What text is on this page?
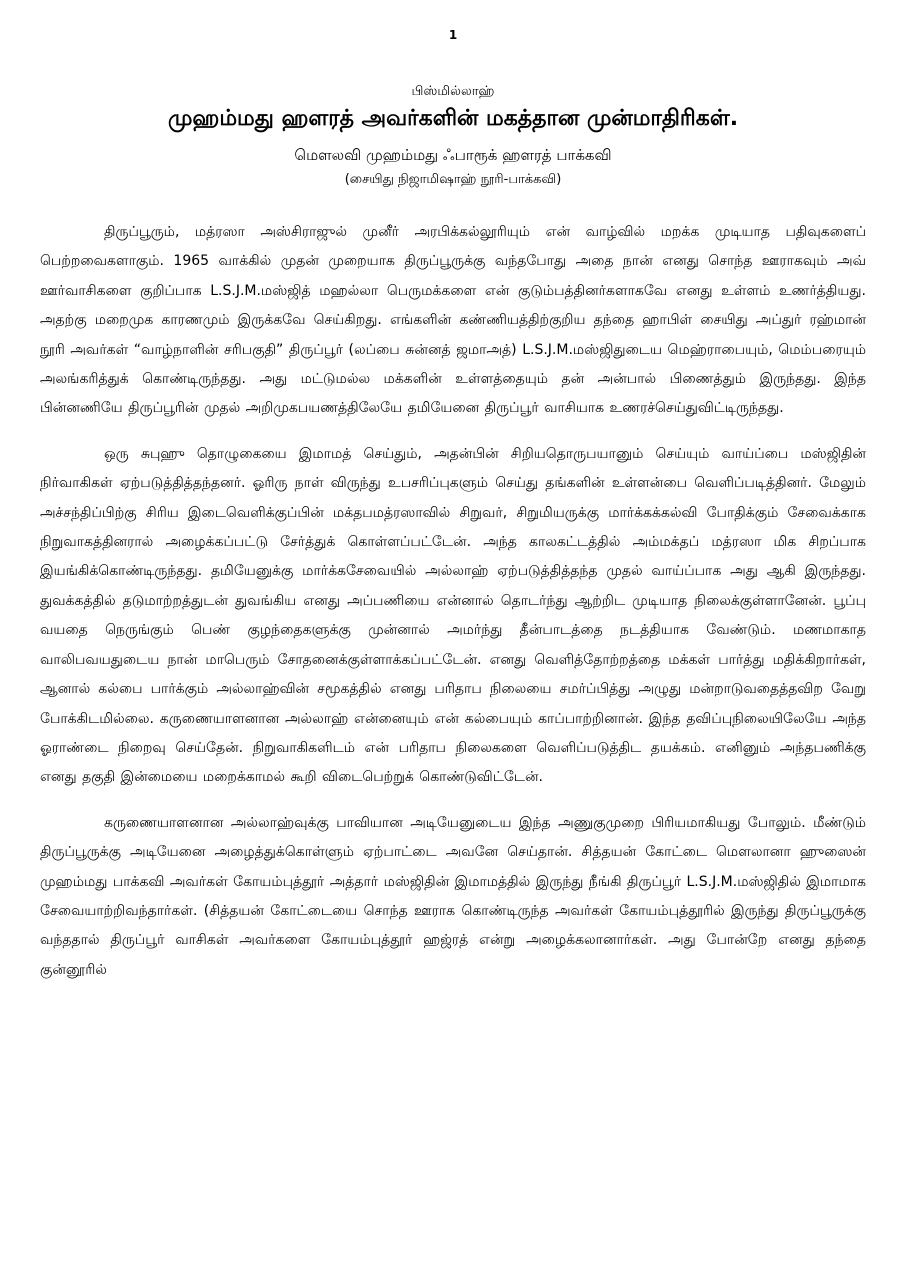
1
பிஸ்மில்லாஹ்
முஹம்மது ஹளரத் அவர்களின் மகத்தான முன்மாதிரிகள்.
மௌலவி முஹம்மது ஃபாரூக் ஹளரத் பாக்கவி
(சையிது நிஜாமிஷாஹ் நூரி-பாக்கவி)

திருப்பூரும், மத்ரஸா அஸ்சிராஜுல் முனீர் அரபிக்கல்லூரியும் என் வாழ்வில் மறக்க முடியாத பதிவுகளைப் பெற்றவைகளாகும். 1965 வாக்கில் முதன் முறையாக திருப்பூருக்கு வந்தபோது அதை நான் எனது சொந்த ஊராகவும் அவ் ஊர்வாசிகளை குறிப்பாக L.S.J.M.மஸ்ஜித் மஹல்லா பெருமக்களை என் குடும்பத்தினர்களாகவே எனது உள்ளம் உணர்த்தியது. அதற்கு மறைமுக காரணமும் இருக்கவே செய்கிறது. எங்களின் கண்ணியத்திற்குறிய தந்தை ஹாபிள் சையிது அப்துர் ரஹ்மான் நூரி அவர்கள் “வாழ்நாளின் சரிபகுதி” திருப்பூர் (லப்பை சுன்னத் ஜமாஅத்) L.S.J.M.மஸ்ஜிதுடைய மெஹ்ராபையும், மெம்பரையும் அலங்கரித்துக் கொண்டிருந்தது. அது மட்டுமல்ல மக்களின் உள்ளத்தையும் தன் அன்பால் பிணைத்தும் இருந்தது. இந்த பின்னணியே திருப்பூரின் முதல் அறிமுகபயணத்திலேயே தமியேனை திருப்பூர் வாசியாக உணரச்செய்துவிட்டிருந்தது.

ஒரு சுபுஹு தொழுகையை இமாமத் செய்தும், அதன்பின் சிறியதொருபயானும் செய்யும் வாய்ப்பை மஸ்ஜிதின் நிர்வாகிகள் ஏற்படுத்தித்தந்தனர். ஓரிரு நாள் விருந்து உபசரிப்புகளும் செய்து தங்களின் உள்ளன்பை வெளிப்படித்தினர். மேலும் அச்சந்திப்பிற்கு சிரிய இடைவெளிக்குப்பின் மக்தபமத்ரஸாவில் சிறுவர், சிறுமியருக்கு மார்க்கக்கல்வி போதிக்கும் சேவைக்காக நிறுவாகத்தினரால் அழைக்கப்பட்டு சேர்த்துக் கொள்ளப்பட்டேன். அந்த காலகட்டத்தில் அம்மக்தப் மத்ரஸா மிக சிறப்பாக இயங்கிக்கொண்டிருந்தது. தமியேனுக்கு மார்க்கசேவையில் அல்லாஹ் ஏற்படுத்தித்தந்த முதல் வாய்ப்பாக அது ஆகி இருந்தது. துவக்கத்தில் தடுமாற்றத்துடன் துவங்கிய எனது அப்பணியை என்னால் தொடர்ந்து ஆற்றிட முடியாத நிலைக்குள்ளானேன். பூப்பு வயதை நெருங்கும் பெண் குழந்தைகளுக்கு முன்னால் அமர்ந்து தீன்பாடத்தை நடத்தியாக வேண்டும். மணமாகாத வாலிபவயதுடைய நான் மாபெரும் சோதனைக்குள்ளாக்கப்பட்டேன். எனது வெளித்தோற்றத்தை மக்கள் பார்த்து மதிக்கிறார்கள், ஆனால் கல்பை பார்க்கும் அல்லாஹ்வின் சமூகத்தில் எனது பரிதாப நிலையை சமர்ப்பித்து அழுது மன்றாடுவதைத்தவிற வேறு போக்கிடமில்லை. கருணையாளனான அல்லாஹ் என்னையும் என் கல்பையும் காப்பாற்றினான். இந்த தவிப்புநிலையிலேயே அந்த ஓராண்டை நிறைவு செய்தேன். நிறுவாகிகளிடம் என் பரிதாப நிலைகளை வெளிப்படுத்திட தயக்கம். எனினும் அந்தபணிக்கு எனது தகுதி இன்மையை மறைக்காமல் கூறி விடைபெற்றுக் கொண்டுவிட்டேன்.

கருணையாளனான அல்லாஹ்வுக்கு பாவியான அடியேனுடைய இந்த அணுகுமுறை பிரியமாகியது போலும். மீண்டும் திருப்பூருக்கு அடியேனை அழைத்துக்கொள்ளும் ஏற்பாட்டை அவனே செய்தான். சித்தயன் கோட்டை மௌலானா ஹுஸைன் முஹம்மது பாக்கவி அவர்கள் கோயம்புத்தூர் அத்தார் மஸ்ஜிதின் இமாமத்தில் இருந்து நீங்கி திருப்பூர் L.S.J.M.மஸ்ஜிதில் இமாமாக சேவையாற்றிவந்தார்கள். (சித்தயன் கோட்டையை சொந்த ஊராக கொண்டிருந்த அவர்கள் கோயம்புத்தூரில் இருந்து திருப்பூருக்கு வந்ததால் திருப்பூர் வாசிகள் அவர்களை கோயம்புத்தூர் ஹஜ்ரத் என்று அழைக்கலானார்கள். அது போன்றே எனது தந்தை குன்னூரில்
